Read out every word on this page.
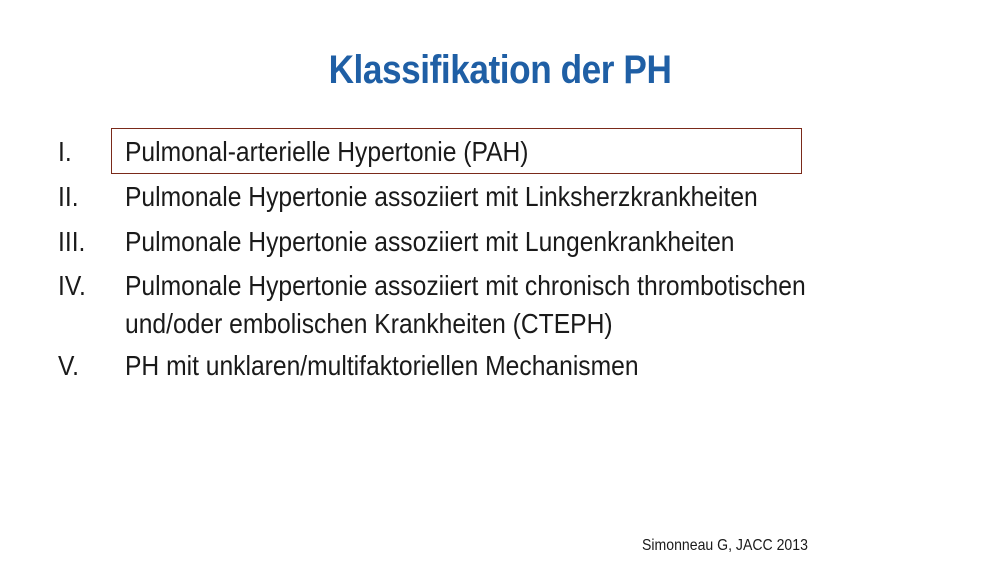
Klassifikation der PH
I. Pulmonal-arterielle Hypertonie (PAH)
II. Pulmonale Hypertonie assoziiert mit Linksherzkrankheiten
III. Pulmonale Hypertonie assoziiert mit Lungenkrankheiten
IV. Pulmonale Hypertonie assoziiert mit chronisch thrombotischen
und/oder embolischen Krankheiten (CTEPH)
V. PH mit unklaren/multifaktoriellen Mechanismen
Simonneau G, JACC 2013
